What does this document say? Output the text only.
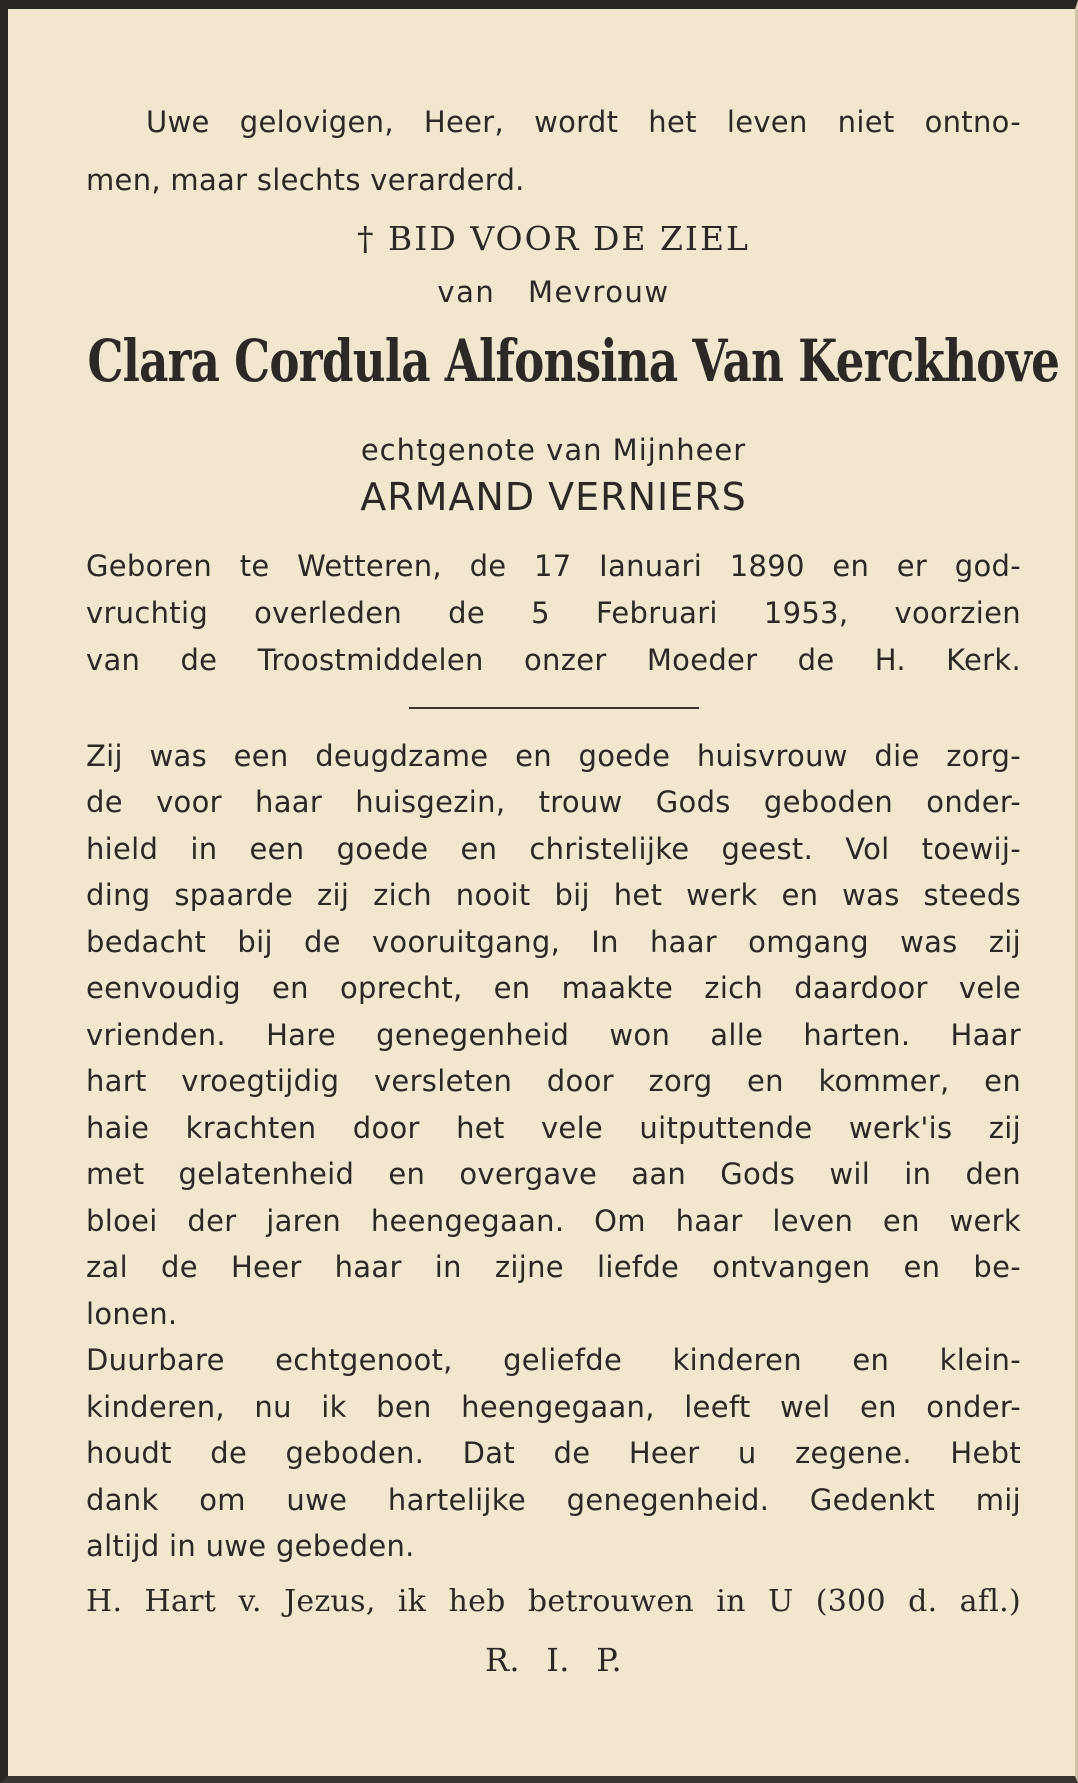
Uwe gelovigen, Heer, wordt het leven niet ontno-
men, maar slechts verarderd.
† BID VOOR DE ZIEL
van Mevrouw
Clara Cordula Alfonsina Van Kerckhove
echtgenote van Mijnheer
ARMAND VERNIERS
Geboren te Wetteren, de 17 Ianuari 1890 en er god-
vruchtig overleden de 5 Februari 1953, voorzien
van de Troostmiddelen onzer Moeder de H. Kerk.
Zij was een deugdzame en goede huisvrouw die zorg-
de voor haar huisgezin, trouw Gods geboden onder-
hield in een goede en christelijke geest. Vol toewij-
ding spaarde zij zich nooit bij het werk en was steeds
bedacht bij de vooruitgang, In haar omgang was zij
eenvoudig en oprecht, en maakte zich daardoor vele
vrienden. Hare genegenheid won alle harten. Haar
hart vroegtijdig versleten door zorg en kommer, en
haie krachten door het vele uitputtende werk'is zij
met gelatenheid en overgave aan Gods wil in den
bloei der jaren heengegaan. Om haar leven en werk
zal de Heer haar in zijne liefde ontvangen en be-
lonen.
Duurbare echtgenoot, geliefde kinderen en klein-
kinderen, nu ik ben heengegaan, leeft wel en onder-
houdt de geboden. Dat de Heer u zegene. Hebt
dank om uwe hartelijke genegenheid. Gedenkt mij
altijd in uwe gebeden.
H. Hart v. Jezus, ik heb betrouwen in U (300 d. afl.)
R. I. P.
